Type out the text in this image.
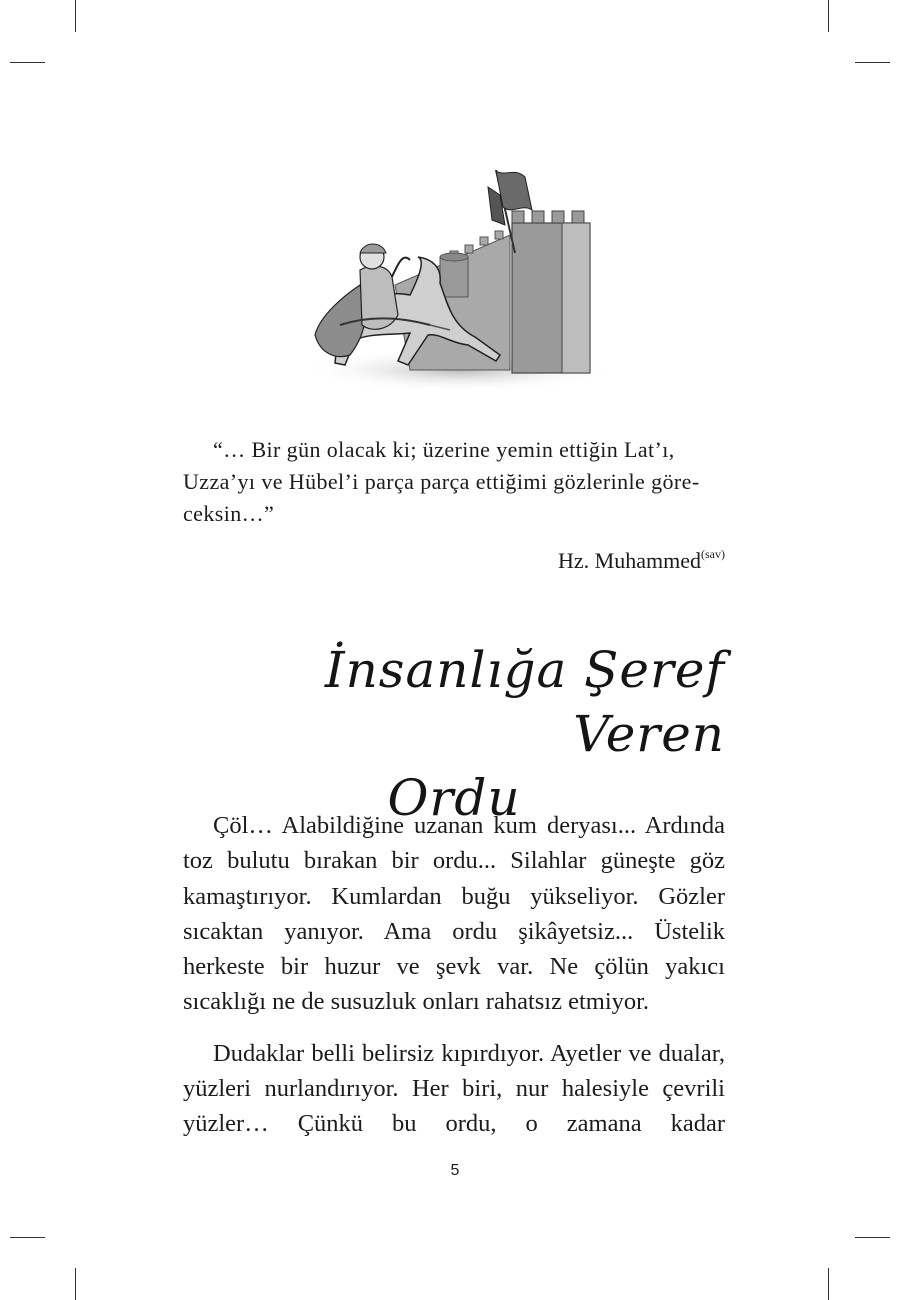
“… Bir gün olacak ki; üzerine yemin ettiğin Lat’ı,

Uzza’yı ve Hübel’i parça parça ettiğimi gözlerinle göre-

ceksin…”

Hz. Muhammed$^{(sav)}$
İnsanlığa Şeref Veren
Ordu

Çöl… Alabildiğine uzanan kum deryası... Ardında toz bulutu bırakan bir ordu... Silahlar güneşte göz kamaştırıyor. Kumlardan buğu yükseliyor. Gözler sıcaktan yanıyor. Ama ordu şikâyetsiz... Üstelik herkeste bir huzur ve şevk var. Ne çölün yakıcı sıcaklığı ne de susuzluk onları rahatsız etmiyor.

Dudaklar belli belirsiz kıpırdıyor. Ayetler ve dualar, yüzleri nurlandırıyor. Her biri, nur halesiyle çevrili yüzler… Çünkü bu ordu, o zamana kadar

5
